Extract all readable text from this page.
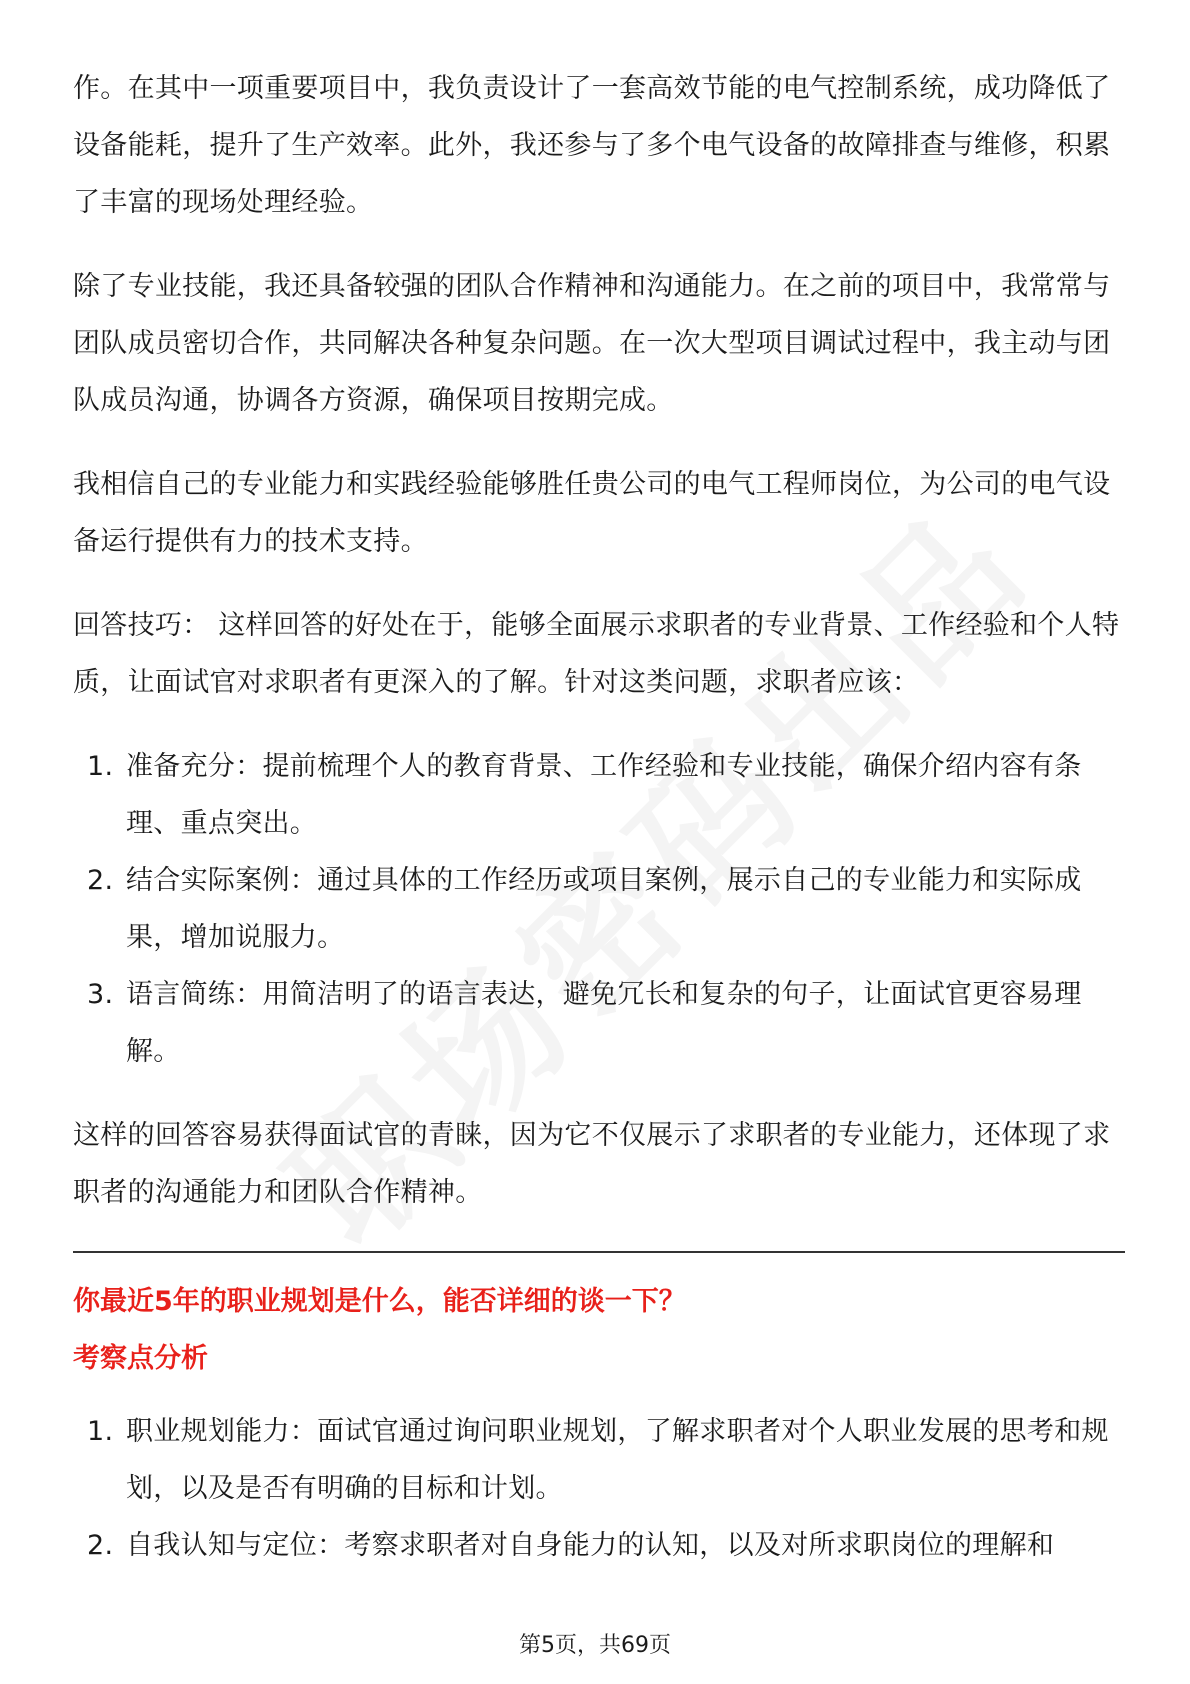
作。在其中一项重要项目中，我负责设计了一套高效节能的电气控制系统，成功降低了设备能耗，提升了生产效率。此外，我还参与了多个电气设备的故障排查与维修，积累了丰富的现场处理经验。

除了专业技能，我还具备较强的团队合作精神和沟通能力。在之前的项目中，我常常与团队成员密切合作，共同解决各种复杂问题。在一次大型项目调试过程中，我主动与团队成员沟通，协调各方资源，确保项目按期完成。

我相信自己的专业能力和实践经验能够胜任贵公司的电气工程师岗位，为公司的电气设备运行提供有力的技术支持。

回答技巧： 这样回答的好处在于，能够全面展示求职者的专业背景、工作经验和个人特质，让面试官对求职者有更深入的了解。针对这类问题，求职者应该：

1. 准备充分：提前梳理个人的教育背景、工作经验和专业技能，确保介绍内容有条理、重点突出。
2. 结合实际案例：通过具体的工作经历或项目案例，展示自己的专业能力和实际成果，增加说服力。
3. 语言简练：用简洁明了的语言表达，避免冗长和复杂的句子，让面试官更容易理解。

这样的回答容易获得面试官的青睐，因为它不仅展示了求职者的专业能力，还体现了求职者的沟通能力和团队合作精神。

你最近5年的职业规划是什么，能否详细的谈一下？

考察点分析

1. 职业规划能力：面试官通过询问职业规划，了解求职者对个人职业发展的思考和规划，以及是否有明确的目标和计划。
2. 自我认知与定位：考察求职者对自身能力的认知，以及对所求职岗位的理解和
第5页，共69页
